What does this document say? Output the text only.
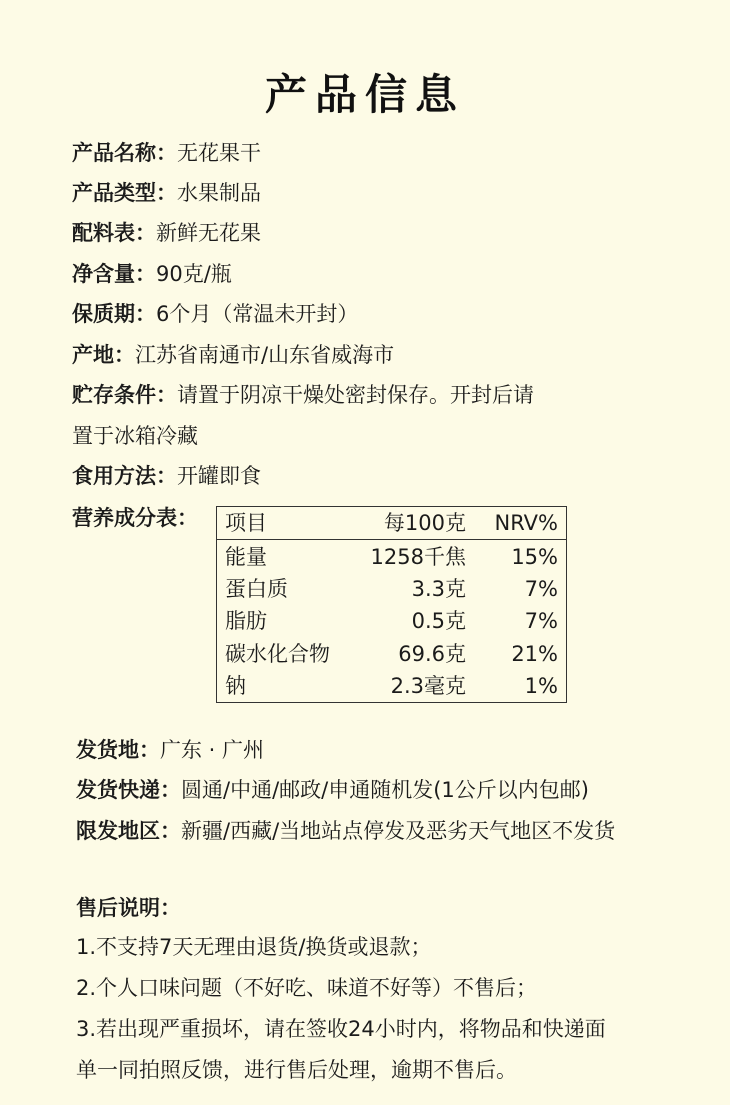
产品信息
产品名称：无花果干
产品类型：水果制品
配料表：新鲜无花果
净含量：90克/瓶
保质期：6个月（常温未开封）
产地：江苏省南通市/山东省威海市
贮存条件：请置于阴凉干燥处密封保存。开封后请
置于冰箱冷藏
食用方法：开罐即食
营养成分表： 项目	每100克	NRV%
能量	1258千焦	15%
蛋白质	3.3克	7%
脂肪	0.5克	7%
碳水化合物	69.6克	21%
钠	2.3毫克	1%
发货地：广东 · 广州
发货快递：圆通/中通/邮政/申通随机发(1公斤以内包邮)
限发地区：新疆/西藏/当地站点停发及恶劣天气地区不发货
售后说明：
1.不支持7天无理由退货/换货或退款；
2.个人口味问题（不好吃、味道不好等）不售后；
3.若出现严重损坏，请在签收24小时内，将物品和快递面
单一同拍照反馈，进行售后处理，逾期不售后。
